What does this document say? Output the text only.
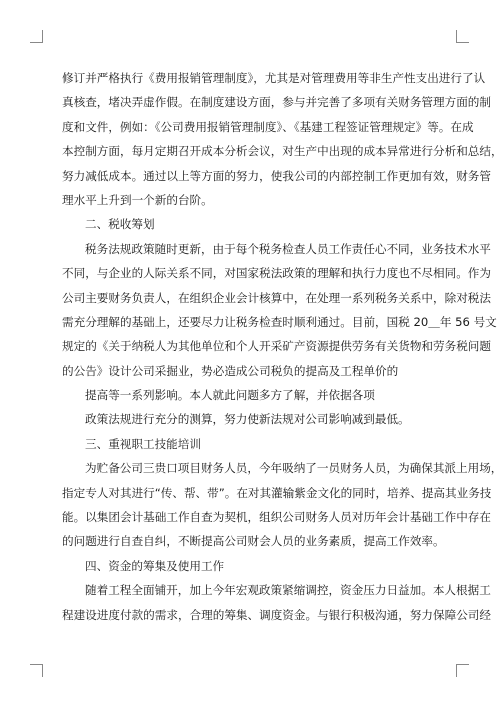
修订并严格执行《费用报销管理制度》，尤其是对管理费用等非生产性支出进行了认
真核查，堵决弄虚作假。在制度建设方面，参与并完善了多项有关财务管理方面的制
度和文件，例如：《公司费用报销管理制度》、《基建工程签证管理规定》等。在成
本控制方面，每月定期召开成本分析会议，对生产中出现的成本异常进行分析和总结，
努力减低成本。通过以上等方面的努力，使我公司的内部控制工作更加有效，财务管
理水平上升到一个新的台阶。
二、税收筹划
税务法规政策随时更新，由于每个税务检查人员工作责任心不同，业务技术水平
不同，与企业的人际关系不同，对国家税法政策的理解和执行力度也不尽相同。作为
公司主要财务负责人，在组织企业会计核算中，在处理一系列税务关系中，除对税法
需充分理解的基础上，还要尽力让税务检查时顺利通过。目前，国税 20＿年 56 号文
规定的《关于纳税人为其他单位和个人开采矿产资源提供劳务有关货物和劳务税问题
的公告》设计公司采掘业，势必造成公司税负的提高及工程单价的
提高等一系列影响。本人就此问题多方了解，并依据各项
政策法规进行充分的测算，努力使新法规对公司影响减到最低。
三、重视职工技能培训
为贮备公司三贵口项目财务人员，今年吸纳了一员财务人员，为确保其派上用场，
指定专人对其进行“传、帮、带”。在对其灌输紫金文化的同时，培养、提高其业务技
能。以集团会计基础工作自查为契机，组织公司财务人员对历年会计基础工作中存在
的问题进行自查自纠，不断提高公司财会人员的业务素质，提高工作效率。
四、资金的筹集及使用工作
随着工程全面铺开，加上今年宏观政策紧缩调控，资金压力日益加。本人根据工
程建设进度付款的需求，合理的筹集、调度资金。与银行积极沟通，努力保障公司经
